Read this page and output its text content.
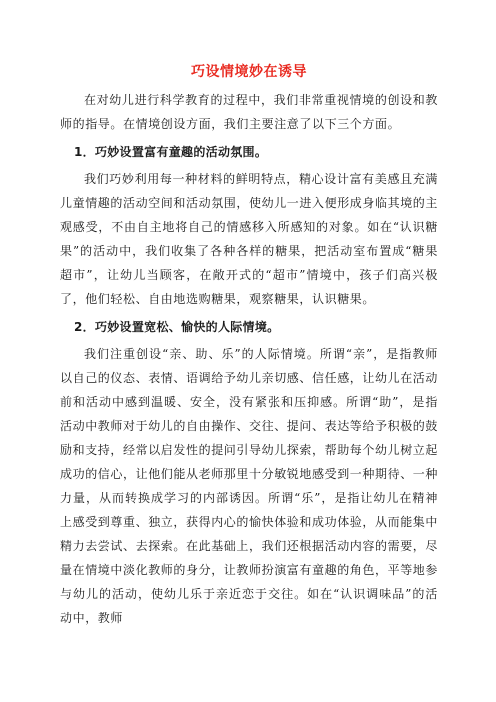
巧设情境妙在诱导

在对幼儿进行科学教育的过程中，我们非常重视情境的创设和教师的指导。在情境创设方面，我们主要注意了以下三个方面。

1．巧妙设置富有童趣的活动氛围。

我们巧妙利用每一种材料的鲜明特点，精心设计富有美感且充满儿童情趣的活动空间和活动氛围，使幼儿一进入便形成身临其境的主观感受，不由自主地将自己的情感移入所感知的对象。如在“认识糖果”的活动中，我们收集了各种各样的糖果，把活动室布置成“糖果超市”，让幼儿当顾客，在敞开式的“超市”情境中，孩子们高兴极了，他们轻松、自由地选购糖果，观察糖果，认识糖果。

2．巧妙设置宽松、愉快的人际情境。

我们注重创设“亲、助、乐”的人际情境。所谓“亲”，是指教师以自己的仪态、表情、语调给予幼儿亲切感、信任感，让幼儿在活动前和活动中感到温暖、安全，没有紧张和压抑感。所谓“助”，是指活动中教师对于幼儿的自由操作、交往、提问、表达等给予积极的鼓励和支持，经常以启发性的提问引导幼儿探索，帮助每个幼儿树立起成功的信心，让他们能从老师那里十分敏锐地感受到一种期待、一种力量，从而转换成学习的内部诱因。所谓“乐”，是指让幼儿在精神上感受到尊重、独立，获得内心的愉快体验和成功体验，从而能集中精力去尝试、去探索。在此基础上，我们还根据活动内容的需要，尽量在情境中淡化教师的身分，让教师扮演富有童趣的角色，平等地参与幼儿的活动，使幼儿乐于亲近恋于交往。如在“认识调味品”的活动中，教师
